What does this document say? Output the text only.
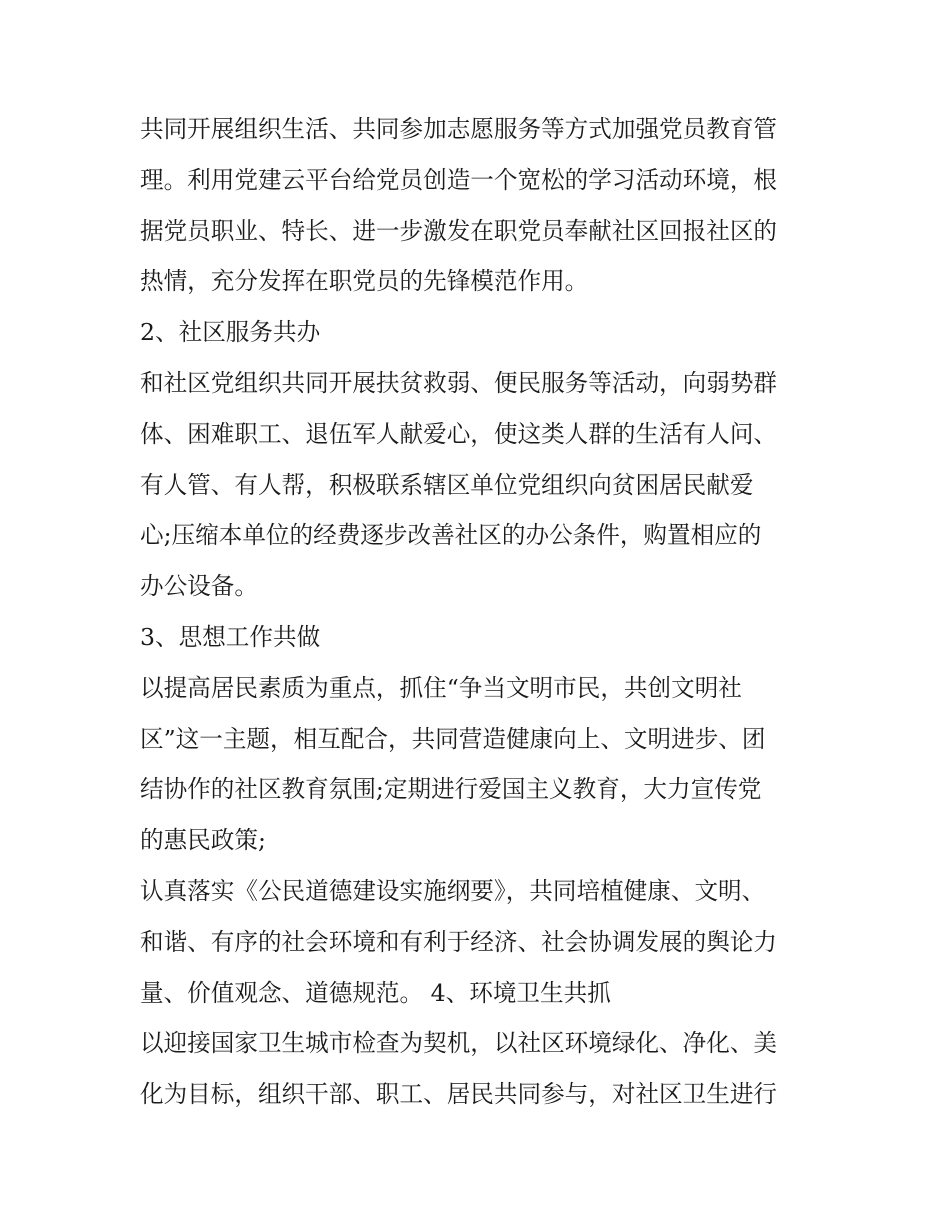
共同开展组织生活、共同参加志愿服务等方式加强党员教育管
理。利用党建云平台给党员创造一个宽松的学习活动环境，根
据党员职业、特长、进一步激发在职党员奉献社区回报社区的
热情，充分发挥在职党员的先锋模范作用。
2、社区服务共办
和社区党组织共同开展扶贫救弱、便民服务等活动，向弱势群
体、困难职工、退伍军人献爱心，使这类人群的生活有人问、
有人管、有人帮，积极联系辖区单位党组织向贫困居民献爱
心;压缩本单位的经费逐步改善社区的办公条件，购置相应的
办公设备。
3、思想工作共做
以提高居民素质为重点，抓住“争当文明市民，共创文明社
区”这一主题，相互配合，共同营造健康向上、文明进步、团
结协作的社区教育氛围;定期进行爱国主义教育，大力宣传党
的惠民政策;
认真落实《公民道德建设实施纲要》，共同培植健康、文明、
和谐、有序的社会环境和有利于经济、社会协调发展的舆论力
量、价值观念、道德规范。 4、环境卫生共抓
以迎接国家卫生城市检查为契机，以社区环境绿化、净化、美
化为目标，组织干部、职工、居民共同参与，对社区卫生进行
